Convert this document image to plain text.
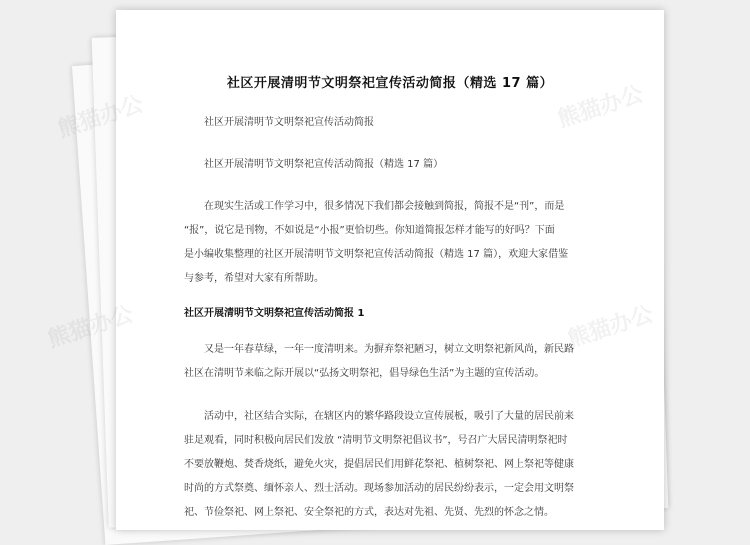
熊猫办公
熊猫办公
社区开展清明节文明祭祀宣传活动简报（精选 17 篇）
社区开展清明节文明祭祀宣传活动简报
社区开展清明节文明祭祀宣传活动简报（精选 17 篇）
在现实生活或工作学习中，很多情况下我们都会接触到简报，简报不是“刊”，而是
“报”，说它是刊物，不如说是“小报”更恰切些。你知道简报怎样才能写的好吗？下面
是小编收集整理的社区开展清明节文明祭祀宣传活动简报（精选 17 篇），欢迎大家借鉴
与参考，希望对大家有所帮助。
社区开展清明节文明祭祀宣传活动简报 1
又是一年春草绿，一年一度清明来。为摒弃祭祀陋习，树立文明祭祀新风尚，新民路
社区在清明节来临之际开展以“弘扬文明祭祀，倡导绿色生活”为主题的宣传活动。
活动中，社区结合实际，在辖区内的繁华路段设立宣传展板，吸引了大量的居民前来
驻足观看，同时积极向居民们发放 “清明节文明祭祀倡议书”，号召广大居民清明祭祀时
不要放鞭炮、焚香烧纸，避免火灾，提倡居民们用鲜花祭祀、植树祭祀、网上祭祀等健康
时尚的方式祭奠、缅怀亲人、烈士活动。现场参加活动的居民纷纷表示，一定会用文明祭
祀、节俭祭祀、网上祭祀、安全祭祀的方式，表达对先祖、先贤、先烈的怀念之情。
